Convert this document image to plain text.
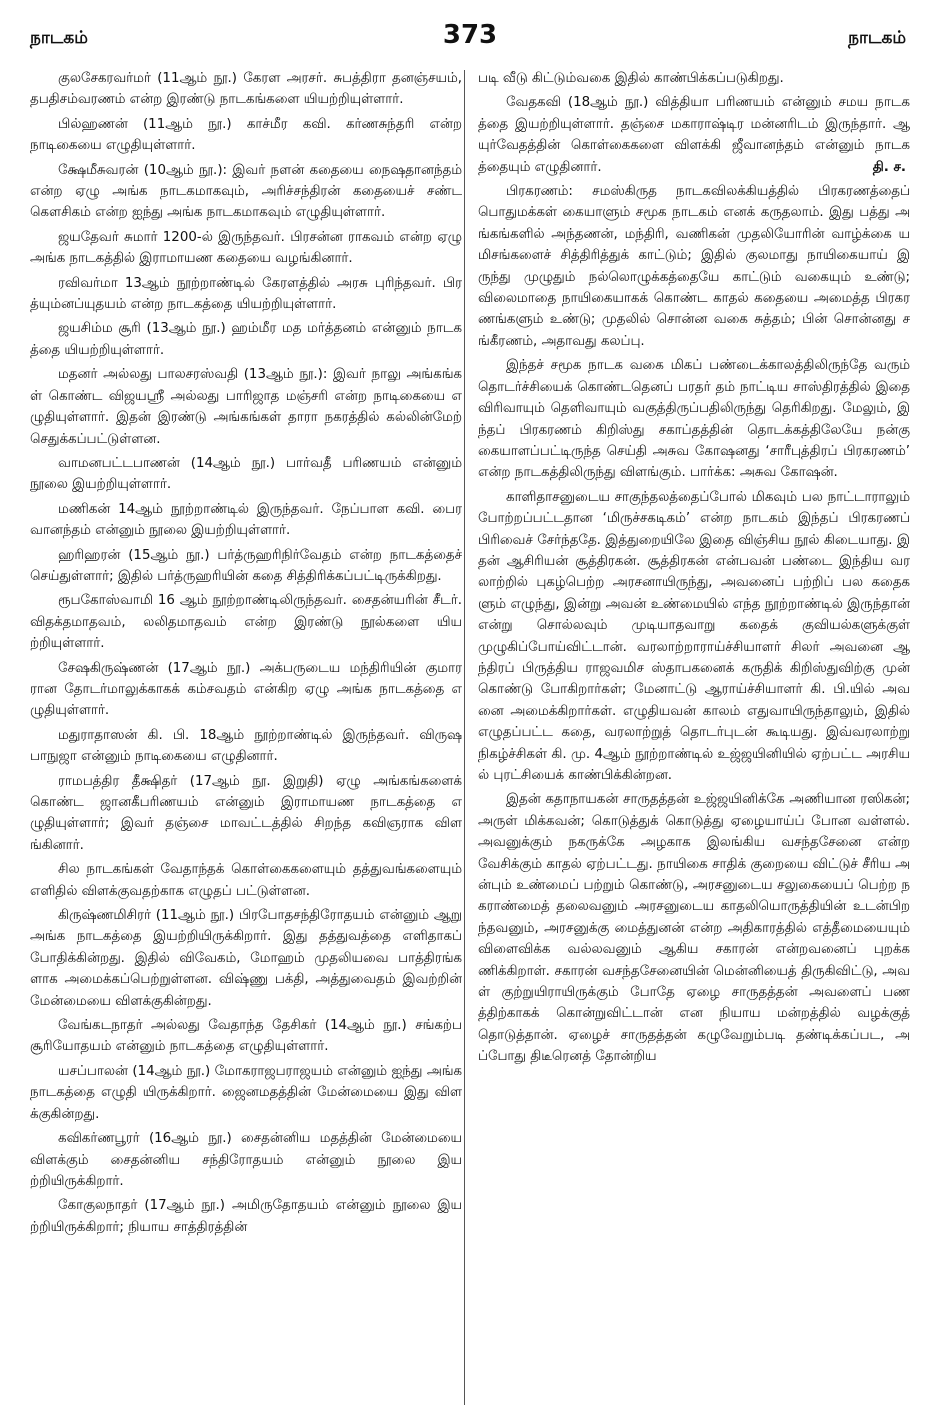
நாடகம்	373	நாடகம்

குலசேகரவர்மர் (11ஆம் நூ.) கேரள அரசர். சுபத்திரா தனஞ்சயம், தபதிசம்வரணம் என்ற இரண்டு நாடகங்களை யியற்றியுள்ளார்.

பில்ஹணன் (11ஆம் நூ.) காச்மீர கவி. கர்ணசுந்தரி என்ற நாடிகையை எழுதியுள்ளார்.

க்ஷேமீசுவரன் (10ஆம் நூ.): இவர் நளன் கதையை நைஷதானந்தம் என்ற ஏழு அங்க நாடகமாகவும், அரிச்சந்திரன் கதையைச் சண்ட கௌசிகம் என்ற ஐந்து அங்க நாடகமாகவும் எழுதியுள்ளார்.

ஜயதேவர் சுமார் 1200-ல் இருந்தவர். பிரசன்ன ராகவம் என்ற ஏழு அங்க நாடகத்தில் இராமாயண கதையை வழங்கினார்.

ரவிவர்மா 13ஆம் நூற்றாண்டில் கேரளத்தில் அரசு புரிந்தவர். பிரத்யும்னப்யுதயம் என்ற நாடகத்தை யியற்றியுள்ளார்.

ஜயசிம்ம சூரி (13ஆம் நூ.) ஹம்மீர மத மர்த்தனம் என்னும் நாடகத்தை யியற்றியுள்ளார்.

மதனர் அல்லது பாலசரஸ்வதி (13ஆம் நூ.): இவர் நாலு அங்கங்கள் கொண்ட விஜயஸ்ரீ அல்லது பாரிஜாத மஞ்சரி என்ற நாடிகையை எழுதியுள்ளார். இதன் இரண்டு அங்கங்கள் தாரா நகரத்தில் கல்லின்மேற் செதுக்கப்பட்டுள்ளன.

வாமனபட்டபாணன் (14ஆம் நூ.) பார்வதீ பரிணயம் என்னும் நூலை இயற்றியுள்ளார்.

மணிகன் 14ஆம் நூற்றாண்டில் இருந்தவர். நேப்பாள கவி. பைரவானந்தம் என்னும் நூலை இயற்றியுள்ளார்.

ஹரிஹரன் (15ஆம் நூ.) பர்த்ருஹரிநிர்வேதம் என்ற நாடகத்தைச் செய்துள்ளார்; இதில் பர்த்ருஹரியின் கதை சித்திரிக்கப்பட்டிருக்கிறது.

ரூபகோஸ்வாமி 16 ஆம் நூற்றாண்டிலிருந்தவர். சைதன்யரின் சீடர். விதக்தமாதவம், லலிதமாதவம் என்ற இரண்டு நூல்களை யியற்றியுள்ளார்.

சேஷகிருஷ்ணன் (17ஆம் நூ.) அக்பருடைய மந்திரியின் குமாரரான தோடர்மாலுக்காகக் கம்சவதம் என்கிற ஏழு அங்க நாடகத்தை எழுதியுள்ளார்.

மதுராதாஸன் கி. பி. 18ஆம் நூற்றாண்டில் இருந்தவர். விருஷபாநுஜா என்னும் நாடிகையை எழுதினார்.

ராமபத்திர தீக்ஷிதர் (17ஆம் நூ. இறுதி) ஏழு அங்கங்களைக் கொண்ட ஜானகீபரிணயம் என்னும் இராமாயண நாடகத்தை எழுதியுள்ளார்; இவர் தஞ்சை மாவட்டத்தில் சிறந்த கவிஞராக விளங்கினார்.

சில நாடகங்கள் வேதாந்தக் கொள்கைகளையும் தத்துவங்களையும் எளிதில் விளக்குவதற்காக எழுதப் பட்டுள்ளன.

கிருஷ்ணமிசிரர் (11ஆம் நூ.) பிரபோதசந்திரோதயம் என்னும் ஆறு அங்க நாடகத்தை இயற்றியிருக்கிறார். இது தத்துவத்தை எளிதாகப் போதிக்கின்றது. இதில் விவேகம், மோஹம் முதலியவை பாத்திரங்களாக அமைக்கப்பெற்றுள்ளன. விஷ்ணு பக்தி, அத்துவைதம் இவற்றின் மேன்மையை விளக்குகின்றது.

வேங்கடநாதர் அல்லது வேதாந்த தேசிகர் (14ஆம் நூ.) சங்கற்ப சூரியோதயம் என்னும் நாடகத்தை எழுதியுள்ளார்.

யசப்பாலன் (14ஆம் நூ.) மோகராஜபராஜயம் என்னும் ஐந்து அங்க நாடகத்தை எழுதி யிருக்கிறார். ஜைனமதத்தின் மேன்மையை இது விளக்குகின்றது.

கவிகர்ணபூரர் (16ஆம் நூ.) சைதன்னிய மதத்தின் மேன்மையை விளக்கும் சைதன்னிய சந்திரோதயம் என்னும் நூலை இயற்றியிருக்கிறார்.

கோகுலநாதர் (17ஆம் நூ.) அமிருதோதயம் என்னும் நூலை இயற்றியிருக்கிறார்; நியாய சாத்திரத்தின்

படி வீடு கிட்டும்வகை இதில் காண்பிக்கப்படுகிறது.

வேதகவி (18ஆம் நூ.) வித்தியா பரிணயம் என்னும் சமய நாடகத்தை இயற்றியுள்ளார். தஞ்சை மகாராஷ்டிர மன்னரிடம் இருந்தார். ஆயுர்வேதத்தின் கொள்கைகளை விளக்கி ஜீவானந்தம் என்னும் நாடகத்தையும் எழுதினார்.	தி. ச.

பிரகரணம்: சமஸ்கிருத நாடகவிலக்கியத்தில் பிரகரணத்தைப் பொதுமக்கள் கையாளும் சமூக நாடகம் எனக் கருதலாம். இது பத்து அங்கங்களில் அந்தணன், மந்திரி, வணிகன் முதலியோரின் வாழ்க்கை யமிசங்களைச் சித்திரித்துக் காட்டும்; இதில் குலமாது நாயிகையாய் இருந்து முழுதும் நல்லொழுக்கத்தையே காட்டும் வகையும் உண்டு; விலைமாதை நாயிகையாகக் கொண்ட காதல் கதையை அமைத்த பிரகரணங்களும் உண்டு; முதலில் சொன்ன வகை சுத்தம்; பின் சொன்னது சங்கீரணம், அதாவது கலப்பு.

இந்தச் சமூக நாடக வகை மிகப் பண்டைக்காலத்திலிருந்தே வரும் தொடர்ச்சியைக் கொண்டதெனப் பரதர் தம் நாட்டிய சாஸ்திரத்தில் இதை விரிவாயும் தெளிவாயும் வகுத்திருப்பதிலிருந்து தெரிகிறது. மேலும், இந்தப் பிரகரணம் கிறிஸ்து சகாப்தத்தின் தொடக்கத்திலேயே நன்கு கையாளப்பட்டிருந்த செய்தி அசுவ கோஷனது ‘சாரீபுத்திரப் பிரகரணம்’ என்ற நாடகத்திலிருந்து விளங்கும். பார்க்க: அசுவ கோஷன்.

காளிதாசனுடைய சாகுந்தலத்தைப்போல் மிகவும் பல நாட்டாராலும் போற்றப்பட்டதான ‘மிருச்சகடிகம்’ என்ற நாடகம் இந்தப் பிரகரணப் பிரிவைச் சேர்ந்ததே. இத்துறையிலே இதை விஞ்சிய நூல் கிடையாது. இதன் ஆசிரியன் சூத்திரகன். சூத்திரகன் என்பவன் பண்டை இந்திய வரலாற்றில் புகழ்பெற்ற அரசனாயிருந்து, அவனைப் பற்றிப் பல கதைகளும் எழுந்து, இன்று அவன் உண்மையில் எந்த நூற்றாண்டில் இருந்தான் என்று சொல்லவும் முடியாதவாறு கதைக் குவியல்களுக்குள் முழுகிப்போய்விட்டான். வரலாற்றாராய்ச்சியாளர் சிலர் அவனை ஆந்திரப் பிருத்திய ராஜவமிச ஸ்தாபகனைக் கருதிக் கிறிஸ்துவிற்கு முன் கொண்டு போகிறார்கள்; மேனாட்டு ஆராய்ச்சியாளர் கி. பி.யில் அவனை அமைக்கிறார்கள். எழுதியவன் காலம் எதுவாயிருந்தாலும், இதில் எழுதப்பட்ட கதை, வரலாற்றுத் தொடர்புடன் கூடியது. இவ்வரலாற்று நிகழ்ச்சிகள் கி. மு. 4ஆம் நூற்றாண்டில் உஜ்ஜயினியில் ஏற்பட்ட அரசியல் புரட்சியைக் காண்பிக்கின்றன.

இதன் கதாநாயகன் சாருதத்தன் உஜ்ஜயினிக்கே அணியான ரஸிகன்; அருள் மிக்கவன்; கொடுத்துக் கொடுத்து ஏழையாய்ப் போன வள்ளல். அவனுக்கும் நகருக்கே அழகாக இலங்கிய வசந்தசேனை என்ற வேசிக்கும் காதல் ஏற்பட்டது. நாயிகை சாதிக் குறையை விட்டுச் சீரிய அன்பும் உண்மைப் பற்றும் கொண்டு, அரசனுடைய சலுகையைப் பெற்ற நகராண்மைத் தலைவனும் அரசனுடைய காதலியொருத்தியின் உடன்பிறந்தவனும், அரசனுக்கு மைத்துனன் என்ற அதிகாரத்தில் எத்தீமையையும் விளைவிக்க வல்லவனும் ஆகிய சகாரன் என்றவனைப் புறக்கணிக்கிறாள். சகாரன் வசந்தசேனையின் மென்னியைத் திருகிவிட்டு, அவள் குற்றுயிராயிருக்கும் போதே ஏழை சாருதத்தன் அவளைப் பணத்திற்காகக் கொன்றுவிட்டான் என நியாய மன்றத்தில் வழக்குத் தொடுத்தான். ஏழைச் சாருதத்தன் கழுவேறும்படி தண்டிக்கப்பட, அப்போது திடீரெனத் தோன்றிய
